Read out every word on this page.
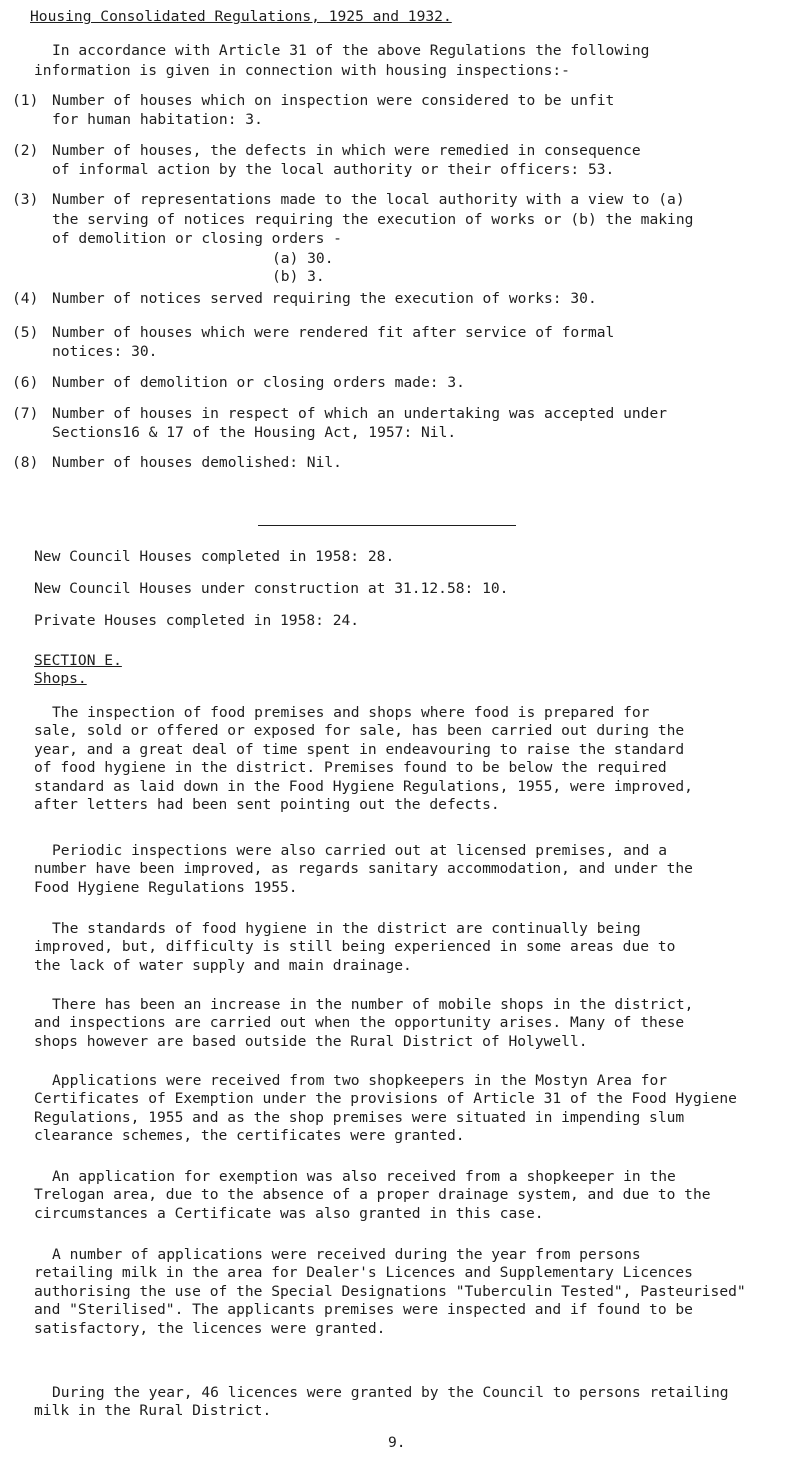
Housing Consolidated Regulations, 1925 and 1932.
In accordance with Article 31 of the above Regulations the following
information is given in connection with housing inspections:-
(1) Number of houses which on inspection were considered to be unfit
for human habitation: 3.
(2) Number of houses, the defects in which were remedied in consequence
of informal action by the local authority or their officers: 53.
(3) Number of representations made to the local authority with a view to (a)
the serving of notices requiring the execution of works or (b) the making
of demolition or closing orders -
(a) 30.
(b) 3.
(4) Number of notices served requiring the execution of works: 30.
(5) Number of houses which were rendered fit after service of formal
notices: 30.
(6) Number of demolition or closing orders made: 3.
(7) Number of houses in respect of which an undertaking was accepted under
Sections16 & 17 of the Housing Act, 1957: Nil.
(8) Number of houses demolished: Nil.
New Council Houses completed in 1958: 28.
New Council Houses under construction at 31.12.58: 10.
Private Houses completed in 1958: 24.
SECTION E.
Shops.
The inspection of food premises and shops where food is prepared for
sale, sold or offered or exposed for sale, has been carried out during the
year, and a great deal of time spent in endeavouring to raise the standard
of food hygiene in the district. Premises found to be below the required
standard as laid down in the Food Hygiene Regulations, 1955, were improved,
after letters had been sent pointing out the defects.
Periodic inspections were also carried out at licensed premises, and a
number have been improved, as regards sanitary accommodation, and under the
Food Hygiene Regulations 1955.
The standards of food hygiene in the district are continually being
improved, but, difficulty is still being experienced in some areas due to
the lack of water supply and main drainage.
There has been an increase in the number of mobile shops in the district,
and inspections are carried out when the opportunity arises. Many of these
shops however are based outside the Rural District of Holywell.
Applications were received from two shopkeepers in the Mostyn Area for
Certificates of Exemption under the provisions of Article 31 of the Food Hygiene
Regulations, 1955 and as the shop premises were situated in impending slum
clearance schemes, the certificates were granted.
An application for exemption was also received from a shopkeeper in the
Trelogan area, due to the absence of a proper drainage system, and due to the
circumstances a Certificate was also granted in this case.
A number of applications were received during the year from persons
retailing milk in the area for Dealer's Licences and Supplementary Licences
authorising the use of the Special Designations "Tuberculin Tested", Pasteurised"
and "Sterilised". The applicants premises were inspected and if found to be
satisfactory, the licences were granted.
During the year, 46 licences were granted by the Council to persons retailing
milk in the Rural District.
9.
